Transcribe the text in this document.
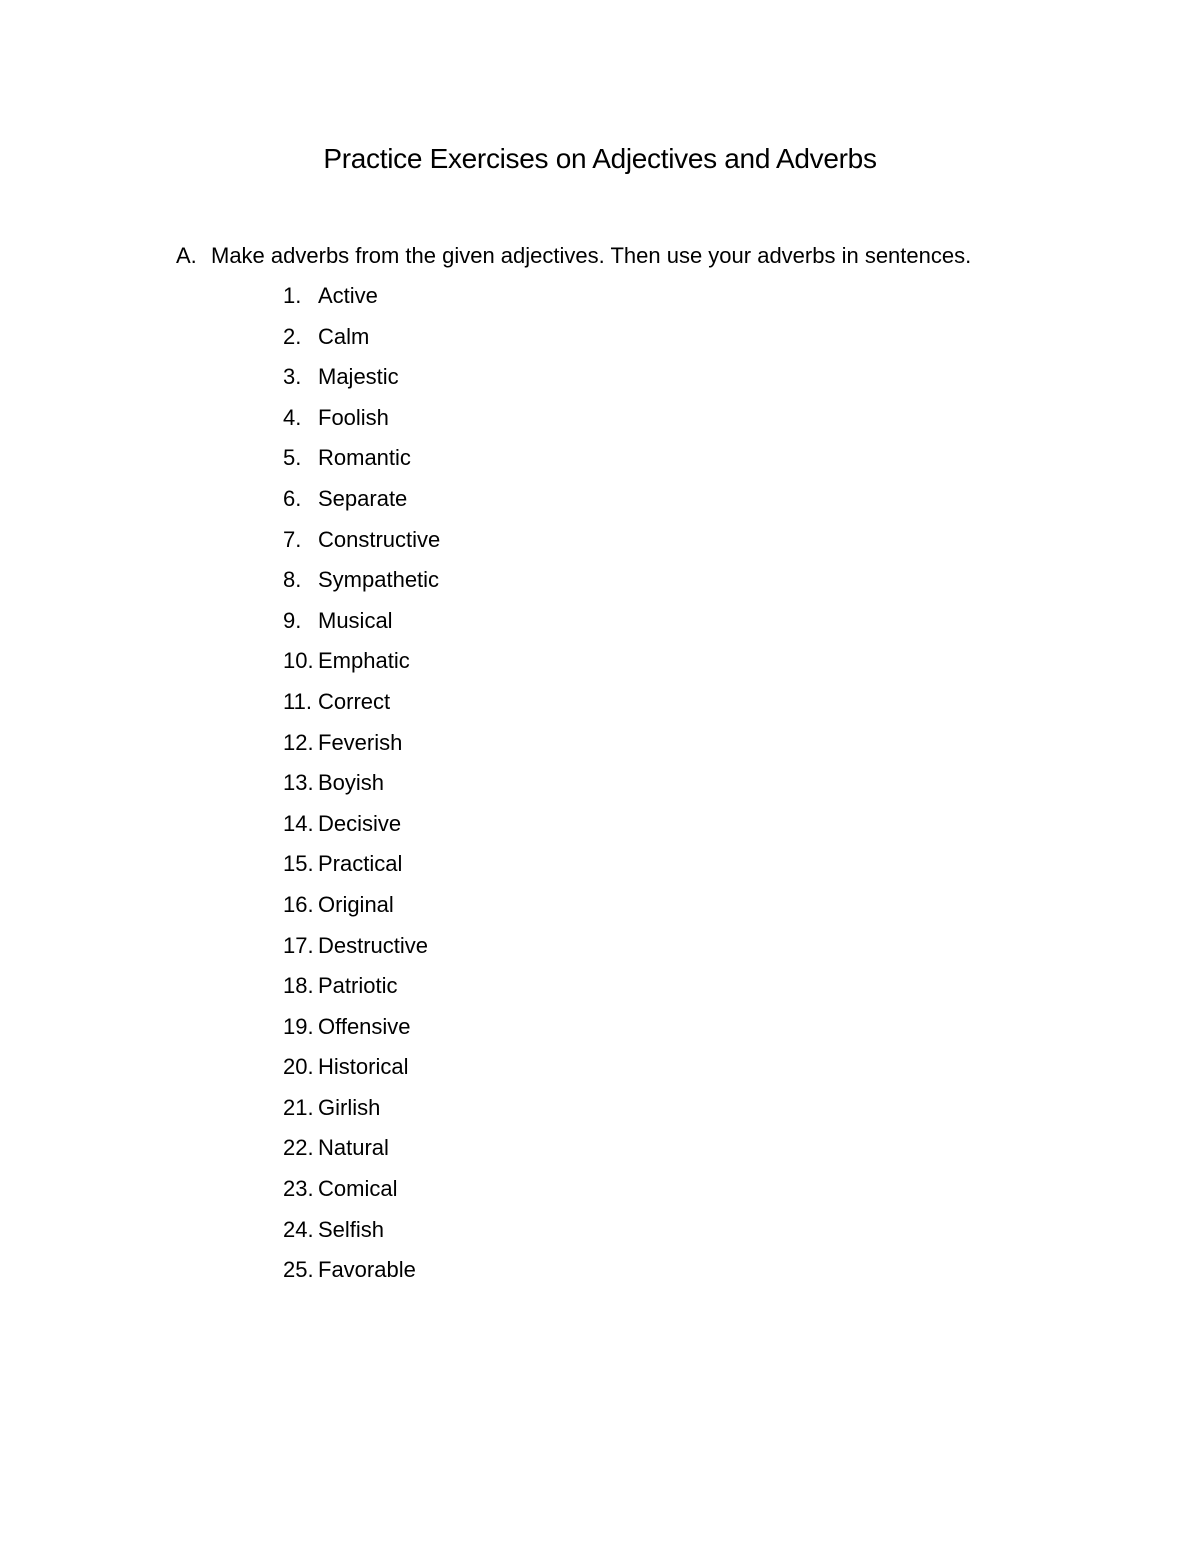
Practice Exercises on Adjectives and Adverbs
A. Make adverbs from the given adjectives. Then use your adverbs in sentences.
1. Active
2. Calm
3. Majestic
4. Foolish
5. Romantic
6. Separate
7. Constructive
8. Sympathetic
9. Musical
10. Emphatic
11. Correct
12. Feverish
13. Boyish
14. Decisive
15. Practical
16. Original
17. Destructive
18. Patriotic
19. Offensive
20. Historical
21. Girlish
22. Natural
23. Comical
24. Selfish
25. Favorable
